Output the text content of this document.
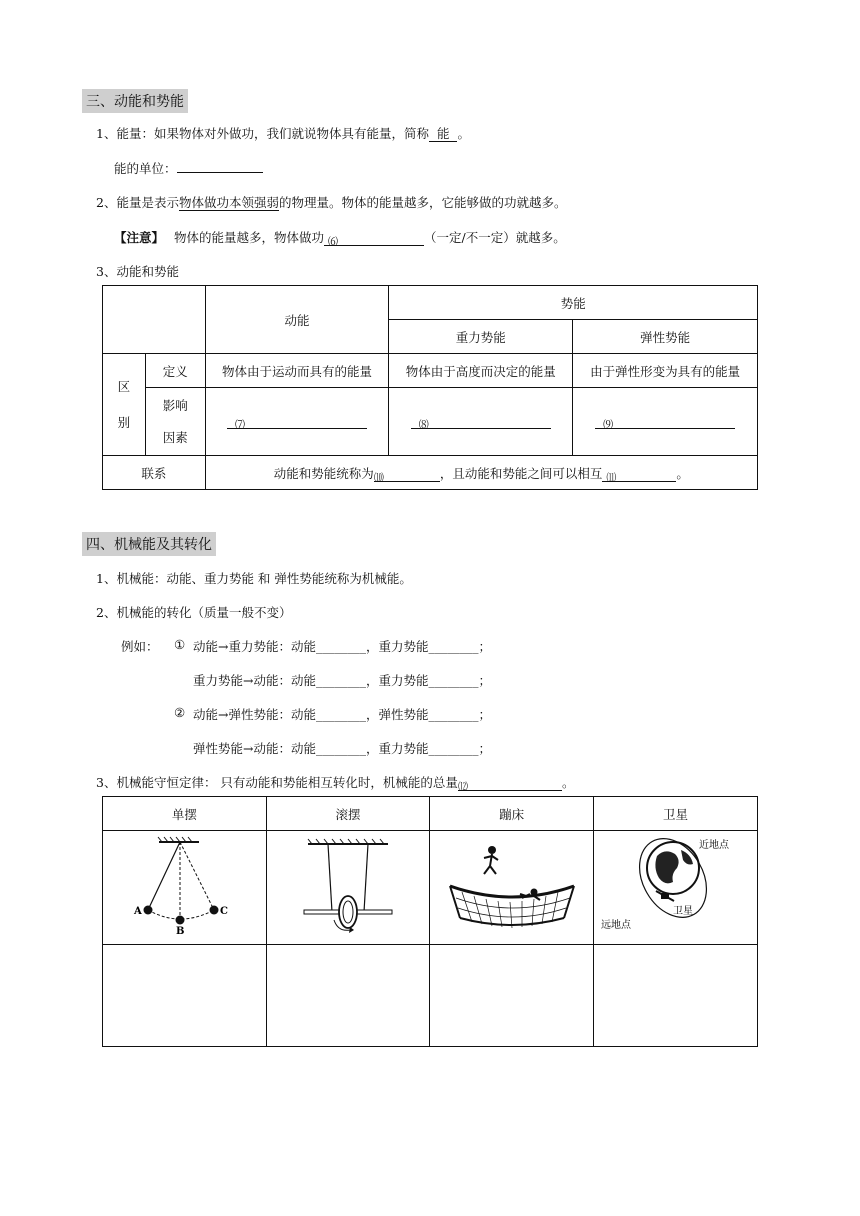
三、动能和势能
1、能量：如果物体对外做功，我们就说物体具有能量，简称 能 。
能的单位：
2、能量是表示物体做功本领强弱的物理量。物体的能量越多，它能够做的功就越多。
【注意】 物体的能量越多，物体做功 ⑹	（一定/不一定）就越多。
3、动能和势能
		动能	势能	
			重力势能	弹性势能
区别	定义	物体由于运动而具有的能量	物体由于高度而决定的能量	由于弹性形变为具有的能量
	影响因素	⑺	⑻	⑼
联系		动能和势能统称为⑽ ，且动能和势能之间可以相互 ⑾ 。		
四、机械能及其转化
1、机械能：动能、重力势能 和 弹性势能统称为机械能。
2、机械能的转化（质量一般不变）
例如： ① 动能→重力势能：动能________，重力势能________；
重力势能→动能：动能________，重力势能________；
② 动能→弹性势能：动能________，弹性势能________；
弹性势能→动能：动能________，重力势能________；
3、机械能守恒定律： 只有动能和势能相互转化时，机械能的总量⑿	。
单摆	滚摆	蹦床	卫星

A
B
C			近地点
卫星
远地点
